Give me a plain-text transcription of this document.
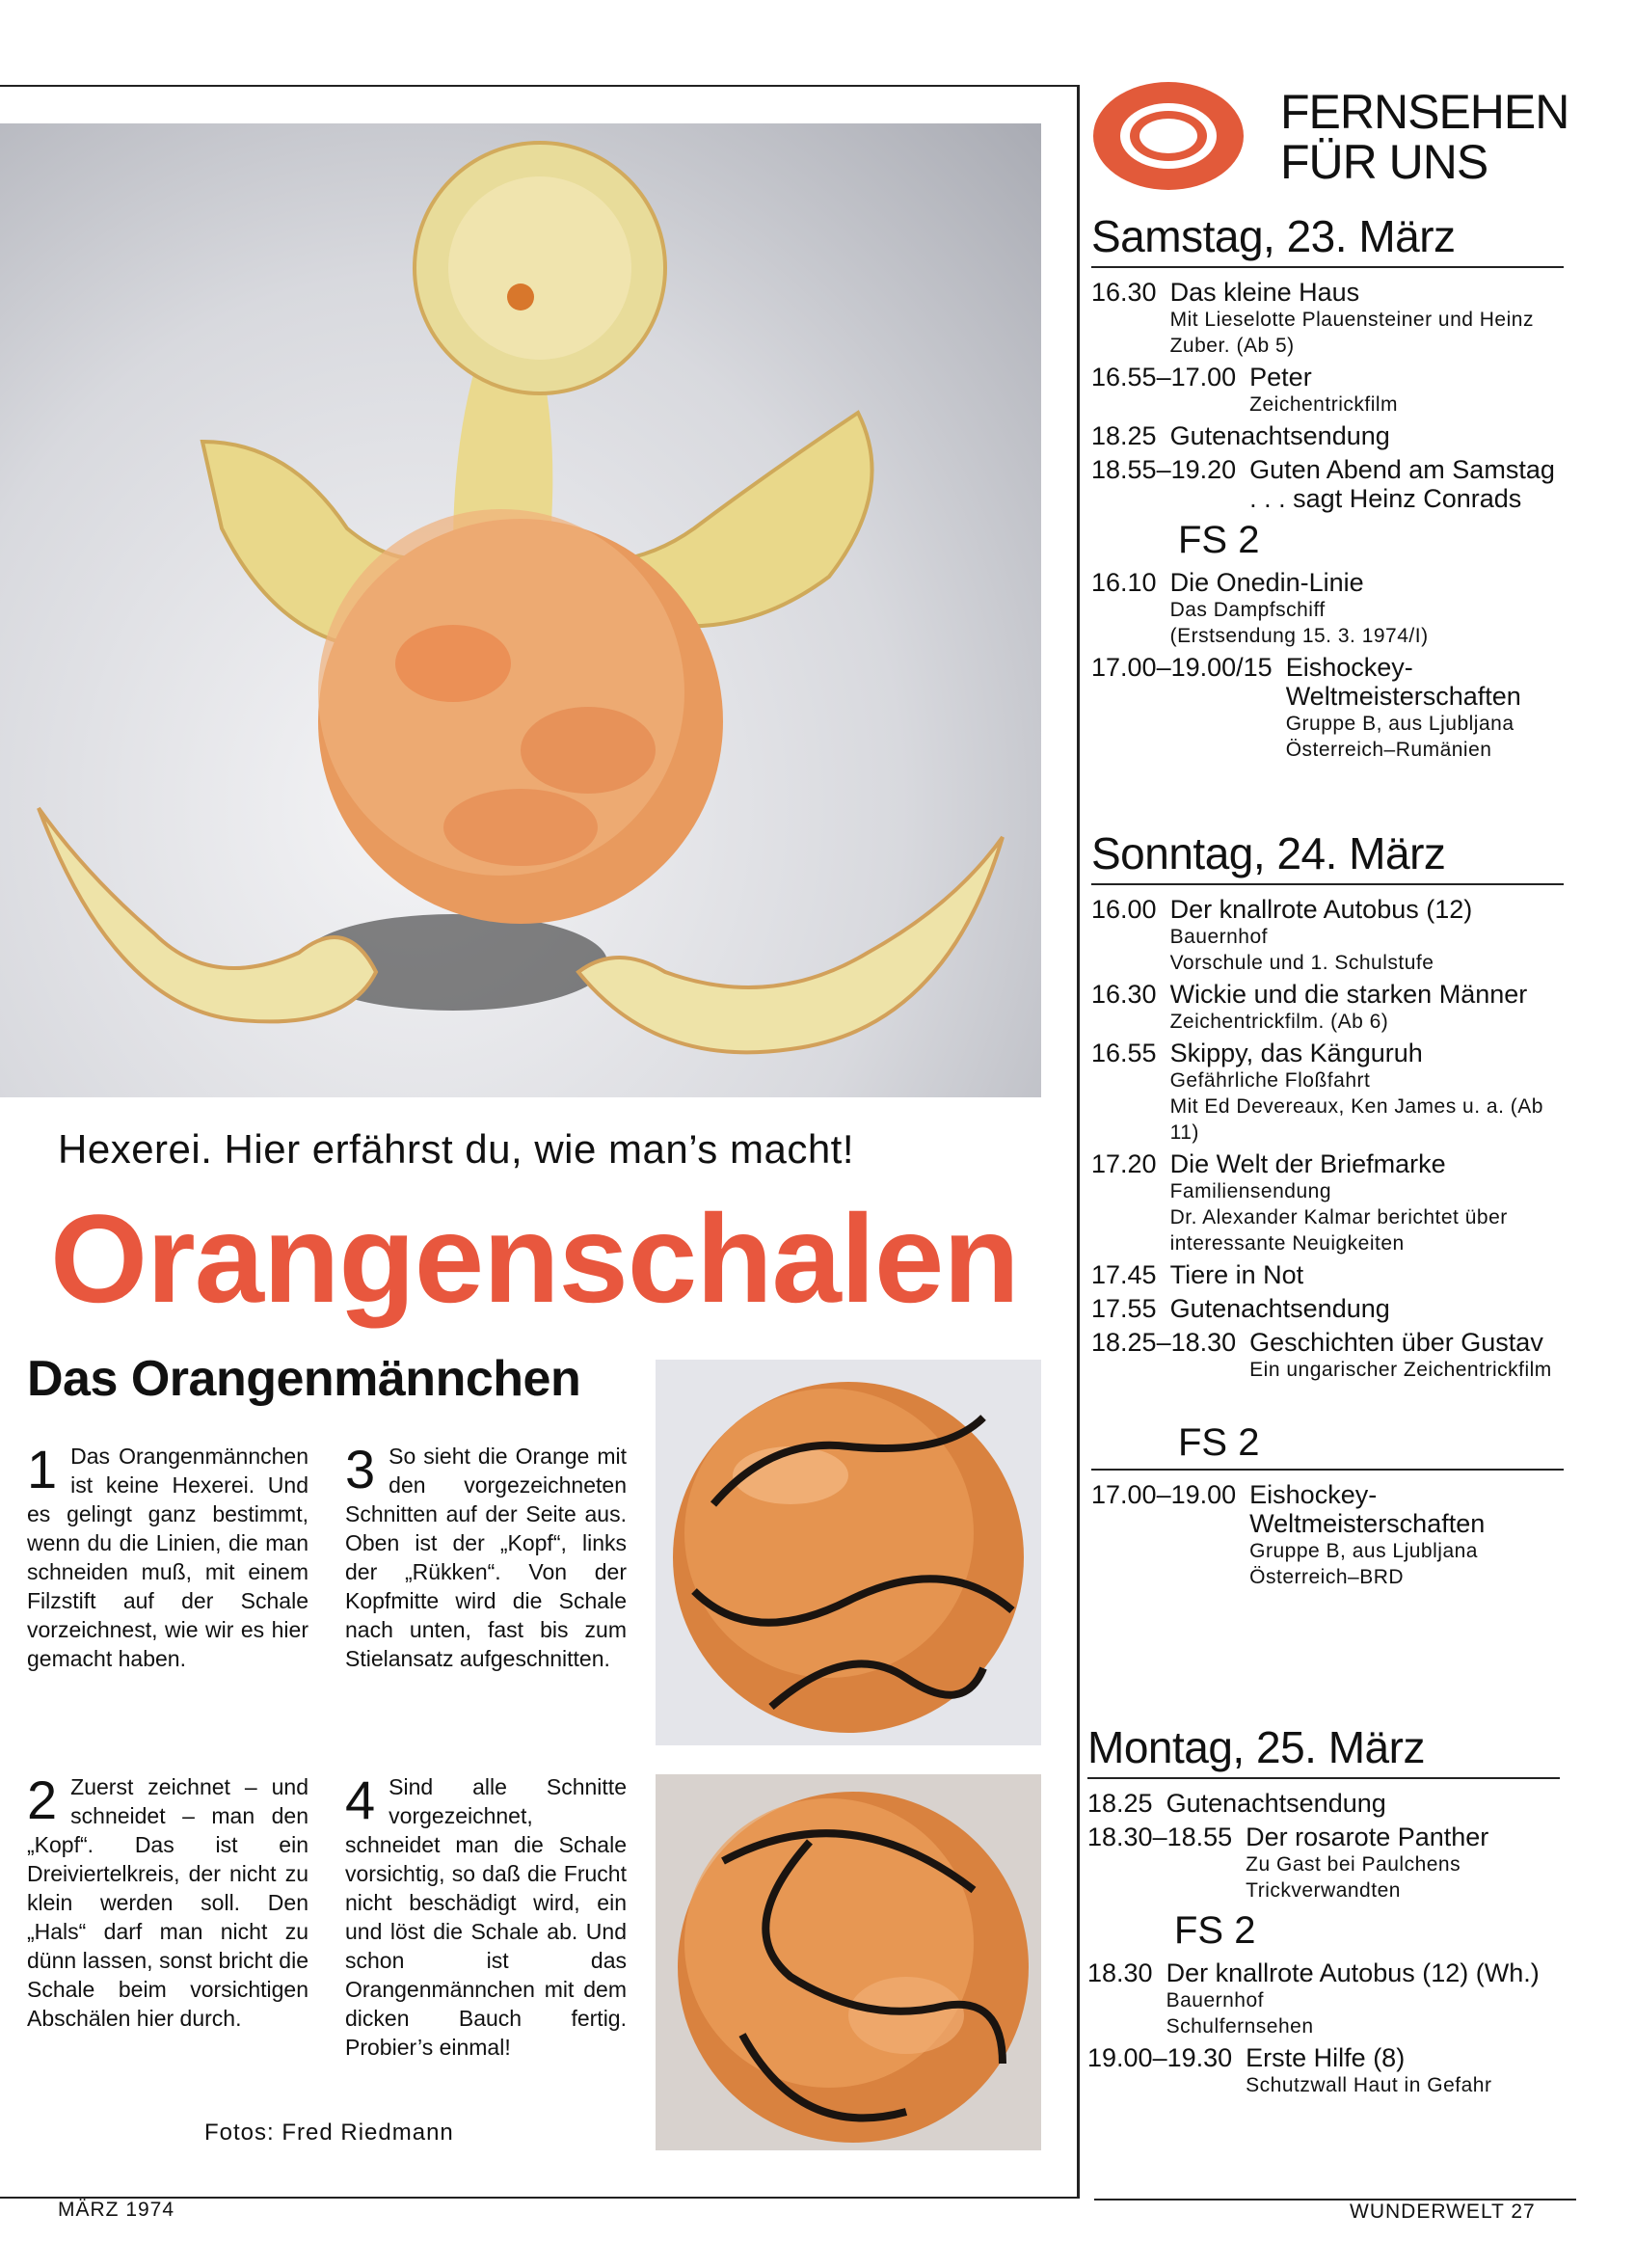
Hexerei. Hier erfährst du, wie man’s macht!
Orangenschalen
Das Orangenmännchen
1 Das Orangenmännchen ist keine Hexerei. Und es gelingt ganz bestimmt, wenn du die Linien, die man schneiden muß, mit einem Filzstift auf der Schale vorzeichnest, wie wir es hier gemacht haben.
3 So sieht die Orange mit den vorgezeichneten Schnitten auf der Seite aus. Oben ist der „Kopf“, links der „Rükken“. Von der Kopfmitte wird die Schale nach unten, fast bis zum Stielansatz aufgeschnitten.
2 Zuerst zeichnet – und schneidet – man den „Kopf“. Das ist ein Dreiviertelkreis, der nicht zu klein werden soll. Den „Hals“ darf man nicht zu dünn lassen, sonst bricht die Schale beim vorsichtigen Abschälen hier durch.
4 Sind alle Schnitte vorgezeichnet, schneidet man die Schale vorsichtig, so daß die Frucht nicht beschädigt wird, ein und löst die Schale ab. Und schon ist das Orangenmännchen mit dem dicken Bauch fertig. Probier’s einmal!
Fotos: Fred Riedmann
MÄRZ 1974	WUNDERWELT 27
FERNSEHEN
FÜR UNS
Samstag, 23. März
16.30 Das kleine Haus
Mit Lieselotte Plauensteiner und Heinz Zuber. (Ab 5)
16.55–17.00 Peter
Zeichentrickfilm
18.25 Gutenachtsendung
18.55–19.20 Guten Abend am Samstag . . . sagt Heinz Conrads
FS 2
16.10 Die Onedin-Linie
Das Dampfschiff
(Erstsendung 15. 3. 1974/I)
17.00–19.00/15 Eishockey-Weltmeisterschaften
Gruppe B, aus Ljubljana
Österreich–Rumänien
Sonntag, 24. März
16.00 Der knallrote Autobus (12)
Bauernhof
Vorschule und 1. Schulstufe
16.30 Wickie und die starken Männer
Zeichentrickfilm. (Ab 6)
16.55 Skippy, das Känguruh
Gefährliche Floßfahrt
Mit Ed Devereaux, Ken James u. a. (Ab 11)
17.20 Die Welt der Briefmarke
Familiensendung
Dr. Alexander Kalmar berichtet über interessante Neuigkeiten
17.45 Tiere in Not
17.55 Gutenachtsendung
18.25–18.30 Geschichten über Gustav
Ein ungarischer Zeichentrickfilm
FS 2
17.00–19.00 Eishockey-Weltmeisterschaften
Gruppe B, aus Ljubljana
Österreich–BRD
Montag, 25. März
18.25 Gutenachtsendung
18.30–18.55 Der rosarote Panther
Zu Gast bei Paulchens Trickverwandten
FS 2
18.30 Der knallrote Autobus (12) (Wh.)
Bauernhof
Schulfernsehen
19.00–19.30 Erste Hilfe (8)
Schutzwall Haut in Gefahr
